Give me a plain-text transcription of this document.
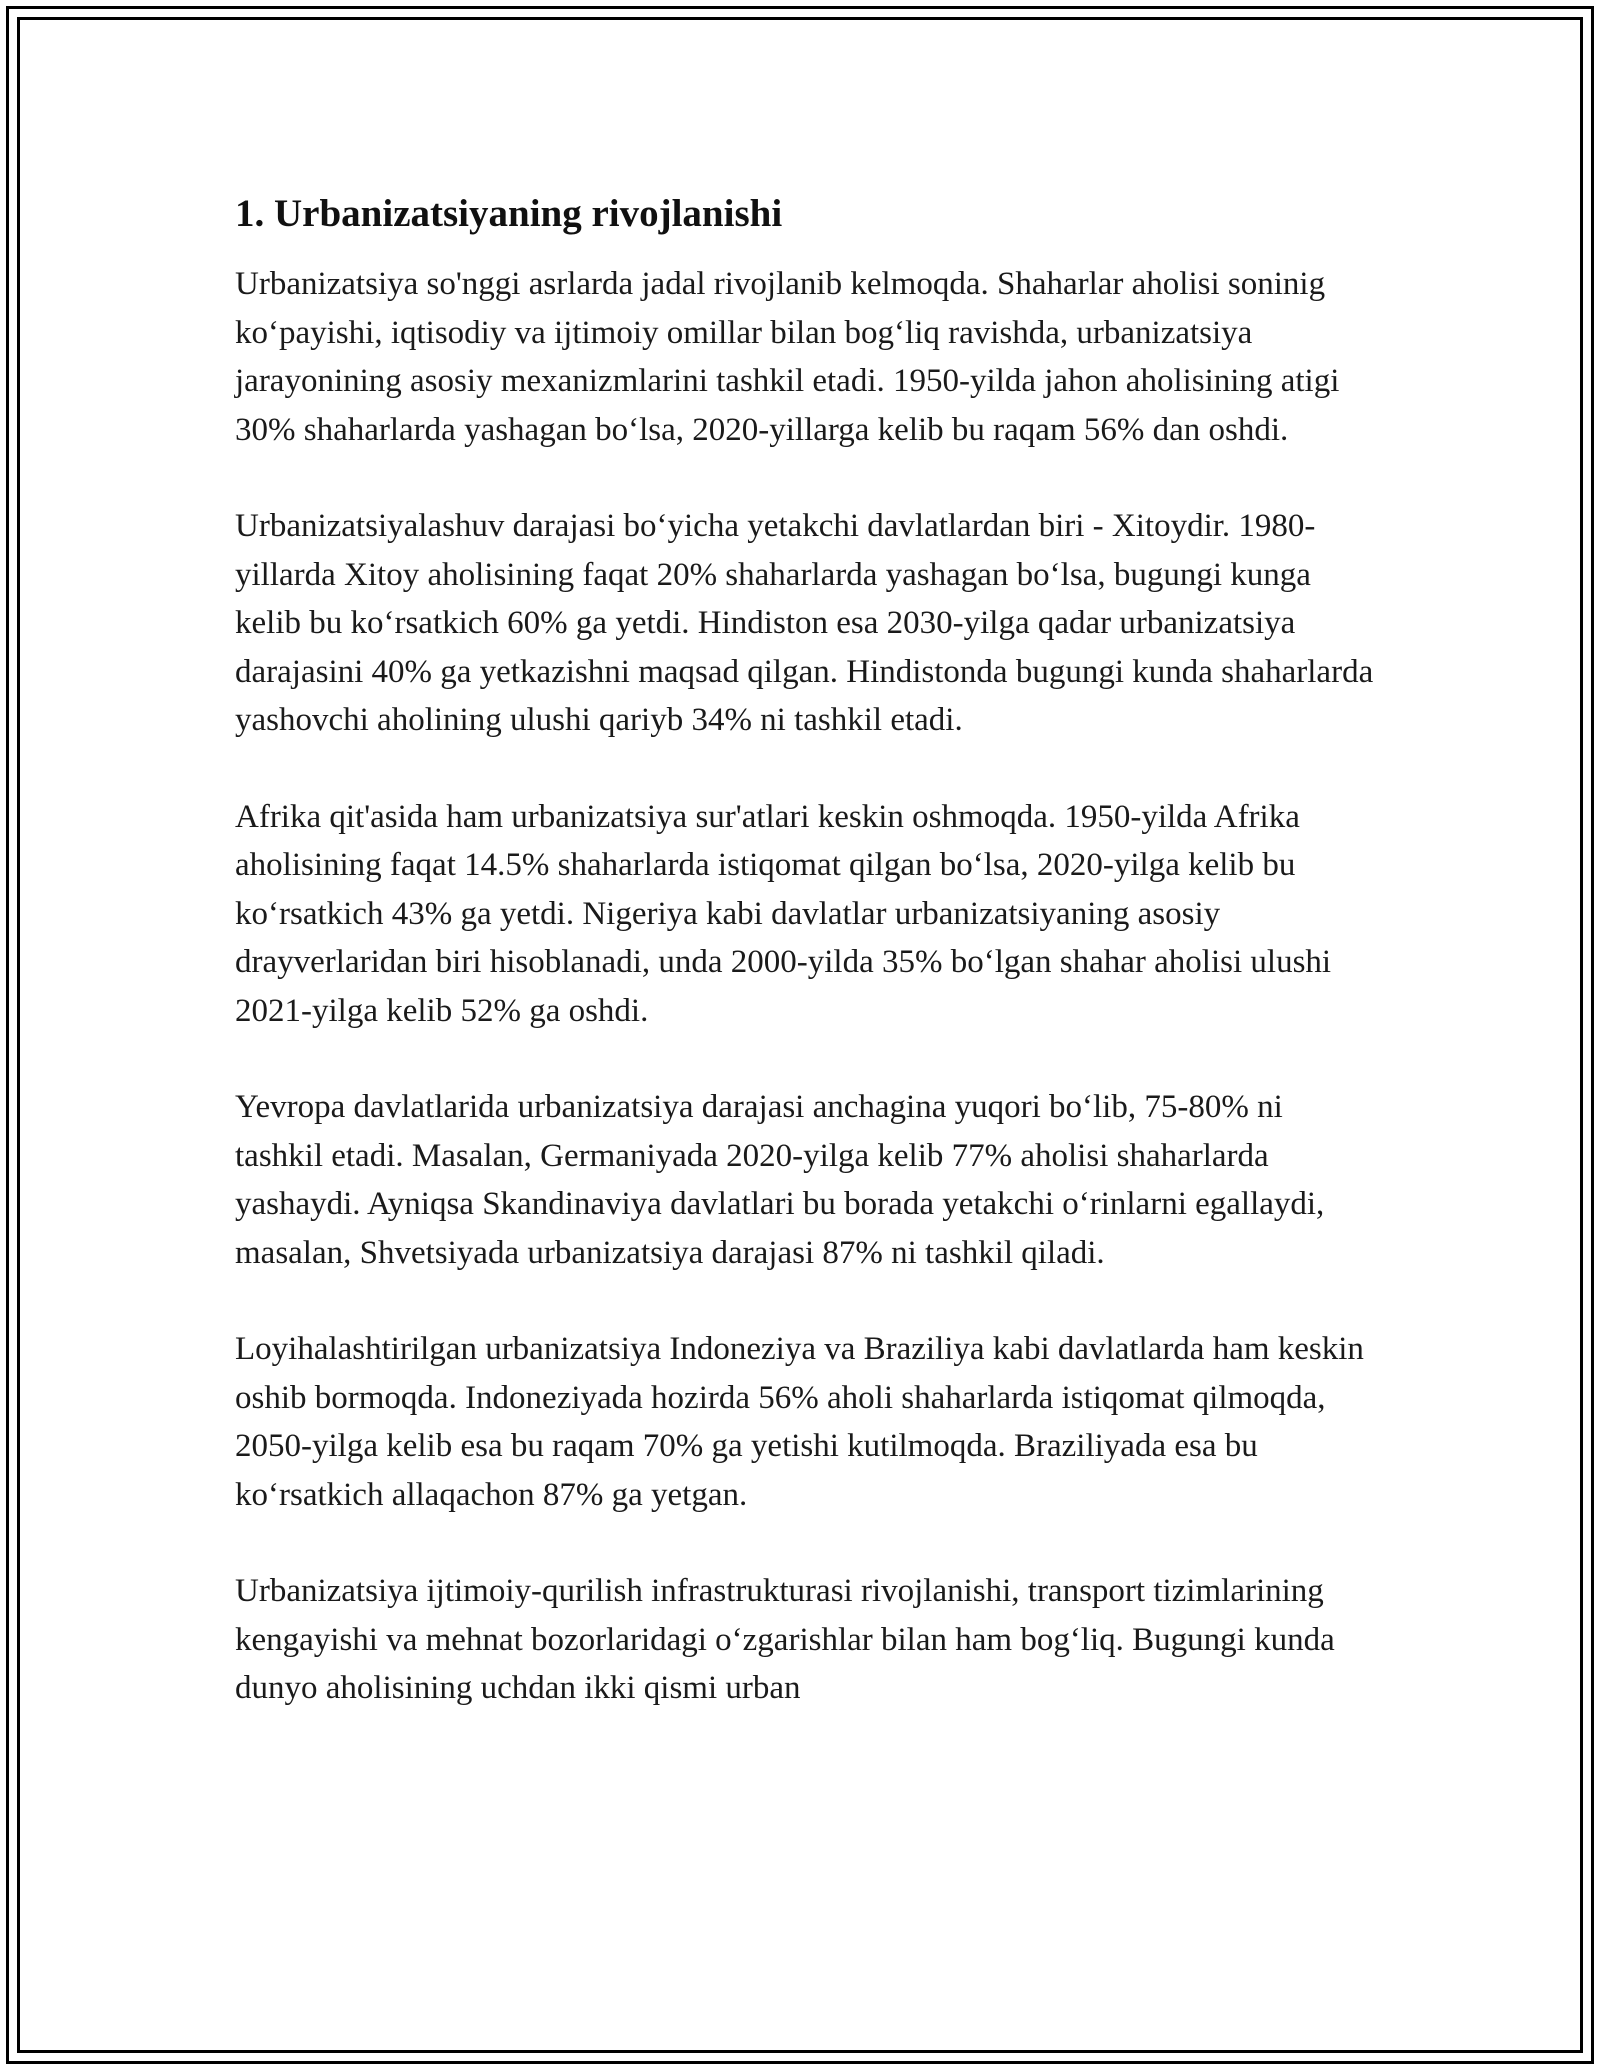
1. Urbanizatsiyaning rivojlanishi

Urbanizatsiya so'nggi asrlarda jadal rivojlanib kelmoqda. Shaharlar aholisi soninig koʻpayishi, iqtisodiy va ijtimoiy omillar bilan bogʻliq ravishda, urbanizatsiya jarayonining asosiy mexanizmlarini tashkil etadi. 1950-yilda jahon aholisining atigi 30% shaharlarda yashagan boʻlsa, 2020-yillarga kelib bu raqam 56% dan oshdi.

Urbanizatsiyalashuv darajasi boʻyicha yetakchi davlatlardan biri - Xitoydir. 1980-yillarda Xitoy aholisining faqat 20% shaharlarda yashagan boʻlsa, bugungi kunga kelib bu koʻrsatkich 60% ga yetdi. Hindiston esa 2030-yilga qadar urbanizatsiya darajasini 40% ga yetkazishni maqsad qilgan. Hindistonda bugungi kunda shaharlarda yashovchi aholining ulushi qariyb 34% ni tashkil etadi.

Afrika qit'asida ham urbanizatsiya sur'atlari keskin oshmoqda. 1950-yilda Afrika aholisining faqat 14.5% shaharlarda istiqomat qilgan boʻlsa, 2020-yilga kelib bu koʻrsatkich 43% ga yetdi. Nigeriya kabi davlatlar urbanizatsiyaning asosiy drayverlaridan biri hisoblanadi, unda 2000-yilda 35% boʻlgan shahar aholisi ulushi 2021-yilga kelib 52% ga oshdi.

Yevropa davlatlarida urbanizatsiya darajasi anchagina yuqori boʻlib, 75-80% ni tashkil etadi. Masalan, Germaniyada 2020-yilga kelib 77% aholisi shaharlarda yashaydi. Ayniqsa Skandinaviya davlatlari bu borada yetakchi oʻrinlarni egallaydi, masalan, Shvetsiyada urbanizatsiya darajasi 87% ni tashkil qiladi.

Loyihalashtirilgan urbanizatsiya Indoneziya va Braziliya kabi davlatlarda ham keskin oshib bormoqda. Indoneziyada hozirda 56% aholi shaharlarda istiqomat qilmoqda, 2050-yilga kelib esa bu raqam 70% ga yetishi kutilmoqda. Braziliyada esa bu koʻrsatkich allaqachon 87% ga yetgan.

Urbanizatsiya ijtimoiy-qurilish infrastrukturasi rivojlanishi, transport tizimlarining kengayishi va mehnat bozorlaridagi oʻzgarishlar bilan ham bogʻliq. Bugungi kunda dunyo aholisining uchdan ikki qismi urban
